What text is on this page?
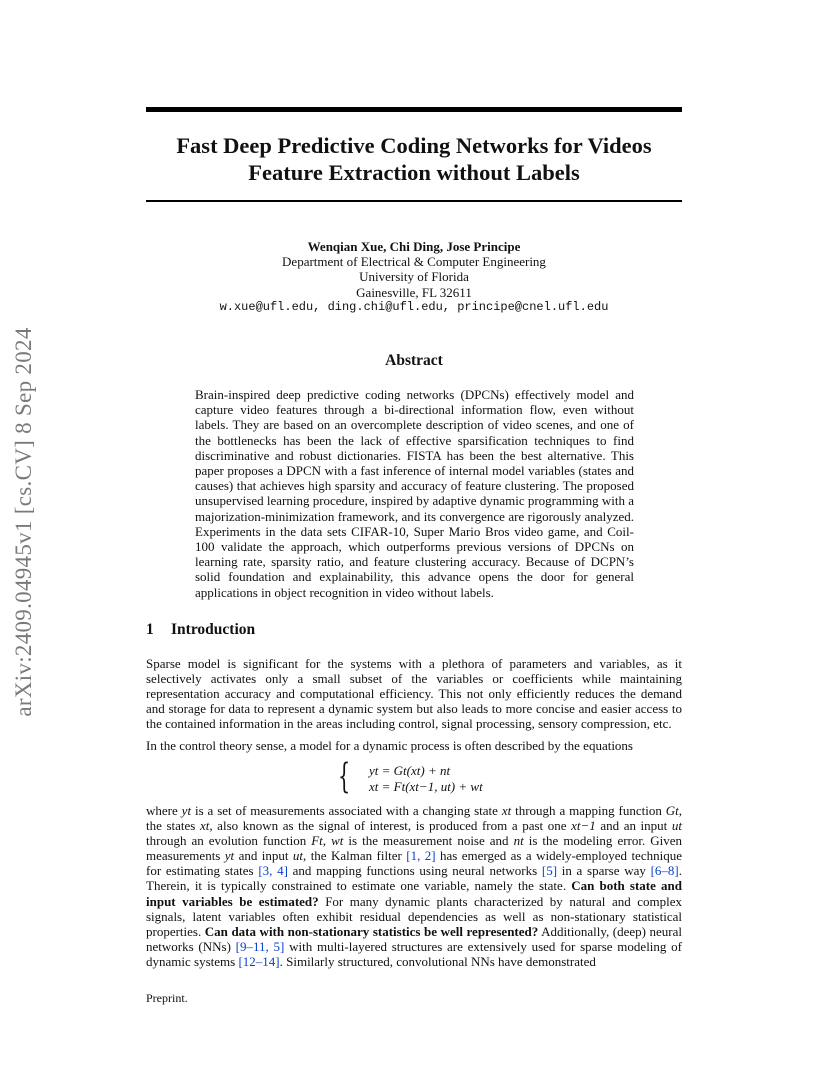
arXiv:2409.04945v1 [cs.CV] 8 Sep 2024
Fast Deep Predictive Coding Networks for Videos
Feature Extraction without Labels
Wenqian Xue, Chi Ding, Jose Principe
Department of Electrical & Computer Engineering
University of Florida
Gainesville, FL 32611
w.xue@ufl.edu, ding.chi@ufl.edu, principe@cnel.ufl.edu
Abstract
Brain-inspired deep predictive coding networks (DPCNs) effectively model and capture video features through a bi-directional information flow, even without labels. They are based on an overcomplete description of video scenes, and one of the bottlenecks has been the lack of effective sparsification techniques to find discriminative and robust dictionaries. FISTA has been the best alternative. This paper proposes a DPCN with a fast inference of internal model variables (states and causes) that achieves high sparsity and accuracy of feature clustering. The proposed unsupervised learning procedure, inspired by adaptive dynamic programming with a majorization-minimization framework, and its convergence are rigorously analyzed. Experiments in the data sets CIFAR-10, Super Mario Bros video game, and Coil-100 validate the approach, which outperforms previous versions of DPCNs on learning rate, sparsity ratio, and feature clustering accuracy. Because of DCPN’s solid foundation and explainability, this advance opens the door for general applications in object recognition in video without labels.
1 Introduction
Sparse model is significant for the systems with a plethora of parameters and variables, as it selectively activates only a small subset of the variables or coefficients while maintaining representation accuracy and computational efficiency. This not only efficiently reduces the demand and storage for data to represent a dynamic system but also leads to more concise and easier access to the contained information in the areas including control, signal processing, sensory compression, etc.
In the control theory sense, a model for a dynamic process is often described by the equations
{ yt = Gt(xt) + nt
xt = Ft(xt−1, ut) + wt
where yt is a set of measurements associated with a changing state xt through a mapping function Gt, the states xt, also known as the signal of interest, is produced from a past one xt−1 and an input ut through an evolution function Ft, wt is the measurement noise and nt is the modeling error. Given measurements yt and input ut, the Kalman filter [1, 2] has emerged as a widely-employed technique for estimating states [3, 4] and mapping functions using neural networks [5] in a sparse way [6–8]. Therein, it is typically constrained to estimate one variable, namely the state. Can both state and input variables be estimated? For many dynamic plants characterized by natural and complex signals, latent variables often exhibit residual dependencies as well as non-stationary statistical properties. Can data with non-stationary statistics be well represented? Additionally, (deep) neural networks (NNs) [9–11, 5] with multi-layered structures are extensively used for sparse modeling of dynamic systems [12–14]. Similarly structured, convolutional NNs have demonstrated
Preprint.
